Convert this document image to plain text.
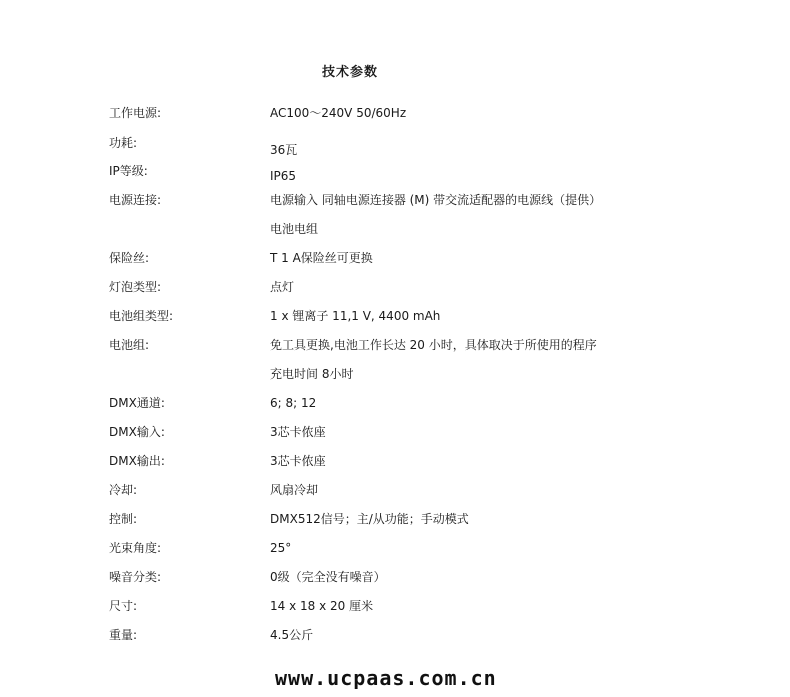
技术参数
工作电源:
功耗:
IP等级:
电源连接:
保险丝:
灯泡类型:
电池组类型:
电池组:
DMX通道:
DMX输入:
DMX输出:
冷却:
控制:
光束角度:
噪音分类:
尺寸:
重量:
AC100～240V 50/60Hz
36瓦
IP65
电源输入 同轴电源连接器 (M) 带交流适配器的电源线（提供）
电池电组
T 1 A保险丝可更换
点灯
1 x 锂离子 11,1 V, 4400 mAh
免工具更换,电池工作长达 20 小时，具体取决于所使用的程序
充电时间 8小时
6; 8; 12
3芯卡侬座
3芯卡侬座
风扇冷却
DMX512信号；主/从功能；手动模式
25°
0级（完全没有噪音）
14 x 18 x 20 厘米
4.5公斤
www.ucpaas.com.cn
